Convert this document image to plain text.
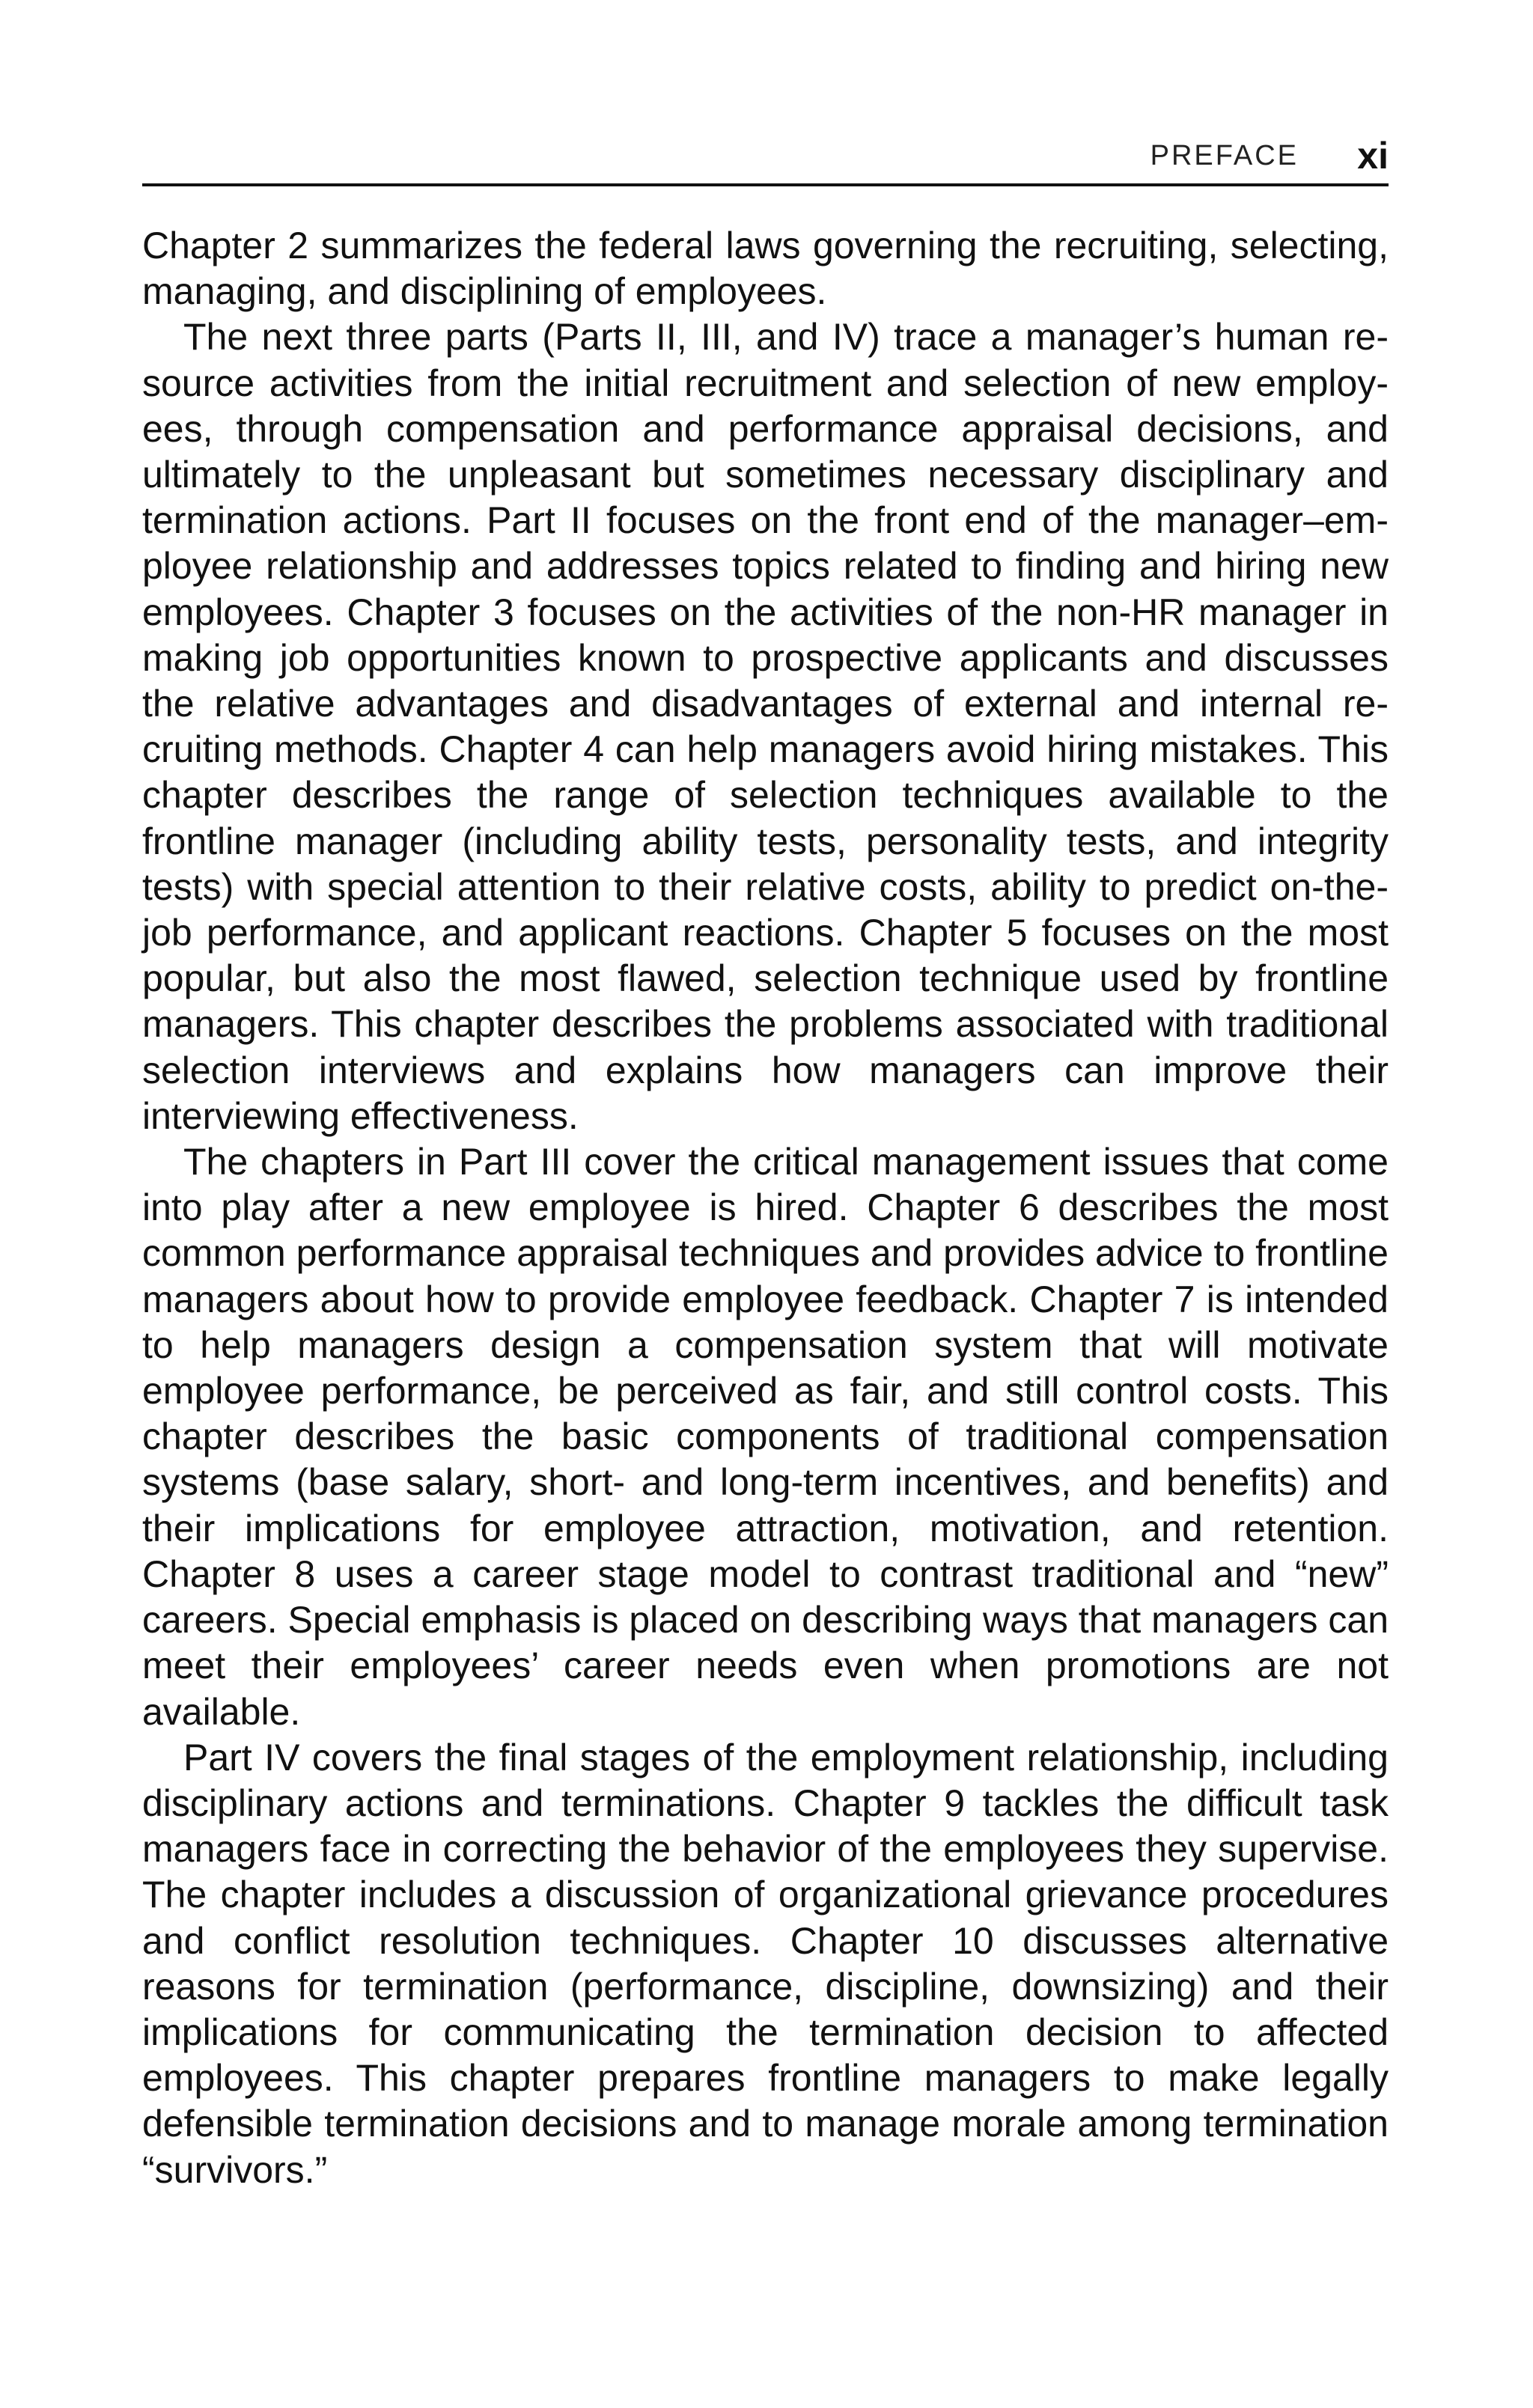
PREFACE xi

Chapter 2 summarizes the federal laws governing the recruiting, selecting, managing, and disciplining of employees.

The next three parts (Parts II, III, and IV) trace a manager’s human resource activities from the initial recruitment and selection of new employees, through compensation and performance appraisal decisions, and ultimately to the unpleasant but sometimes necessary disciplinary and termination actions. Part II focuses on the front end of the manager–employee relationship and addresses topics related to finding and hiring new employees. Chapter 3 focuses on the activities of the non-HR manager in making job opportunities known to prospective applicants and discusses the relative advantages and disadvantages of external and internal recruiting methods. Chapter 4 can help managers avoid hiring mistakes. This chapter describes the range of selection techniques available to the frontline manager (including ability tests, personality tests, and integrity tests) with special attention to their relative costs, ability to predict on-the-job performance, and applicant reactions. Chapter 5 focuses on the most popular, but also the most flawed, selection technique used by frontline managers. This chapter describes the problems associated with traditional selection interviews and explains how managers can improve their interviewing effectiveness.

The chapters in Part III cover the critical management issues that come into play after a new employee is hired. Chapter 6 describes the most common performance appraisal techniques and provides advice to frontline managers about how to provide employee feedback. Chapter 7 is intended to help managers design a compensation system that will motivate employee performance, be perceived as fair, and still control costs. This chapter describes the basic components of traditional compensation systems (base salary, short- and long-term incentives, and benefits) and their implications for employee attraction, motivation, and retention. Chapter 8 uses a career stage model to contrast traditional and “new” careers. Special emphasis is placed on describing ways that managers can meet their employees’ career needs even when promotions are not available.

Part IV covers the final stages of the employment relationship, including disciplinary actions and terminations. Chapter 9 tackles the difficult task managers face in correcting the behavior of the employees they supervise. The chapter includes a discussion of organizational grievance procedures and conflict resolution techniques. Chapter 10 discusses alternative reasons for termination (performance, discipline, downsizing) and their implications for communicating the termination decision to affected employees. This chapter prepares frontline managers to make legally defensible termination decisions and to manage morale among termination “survivors.”
